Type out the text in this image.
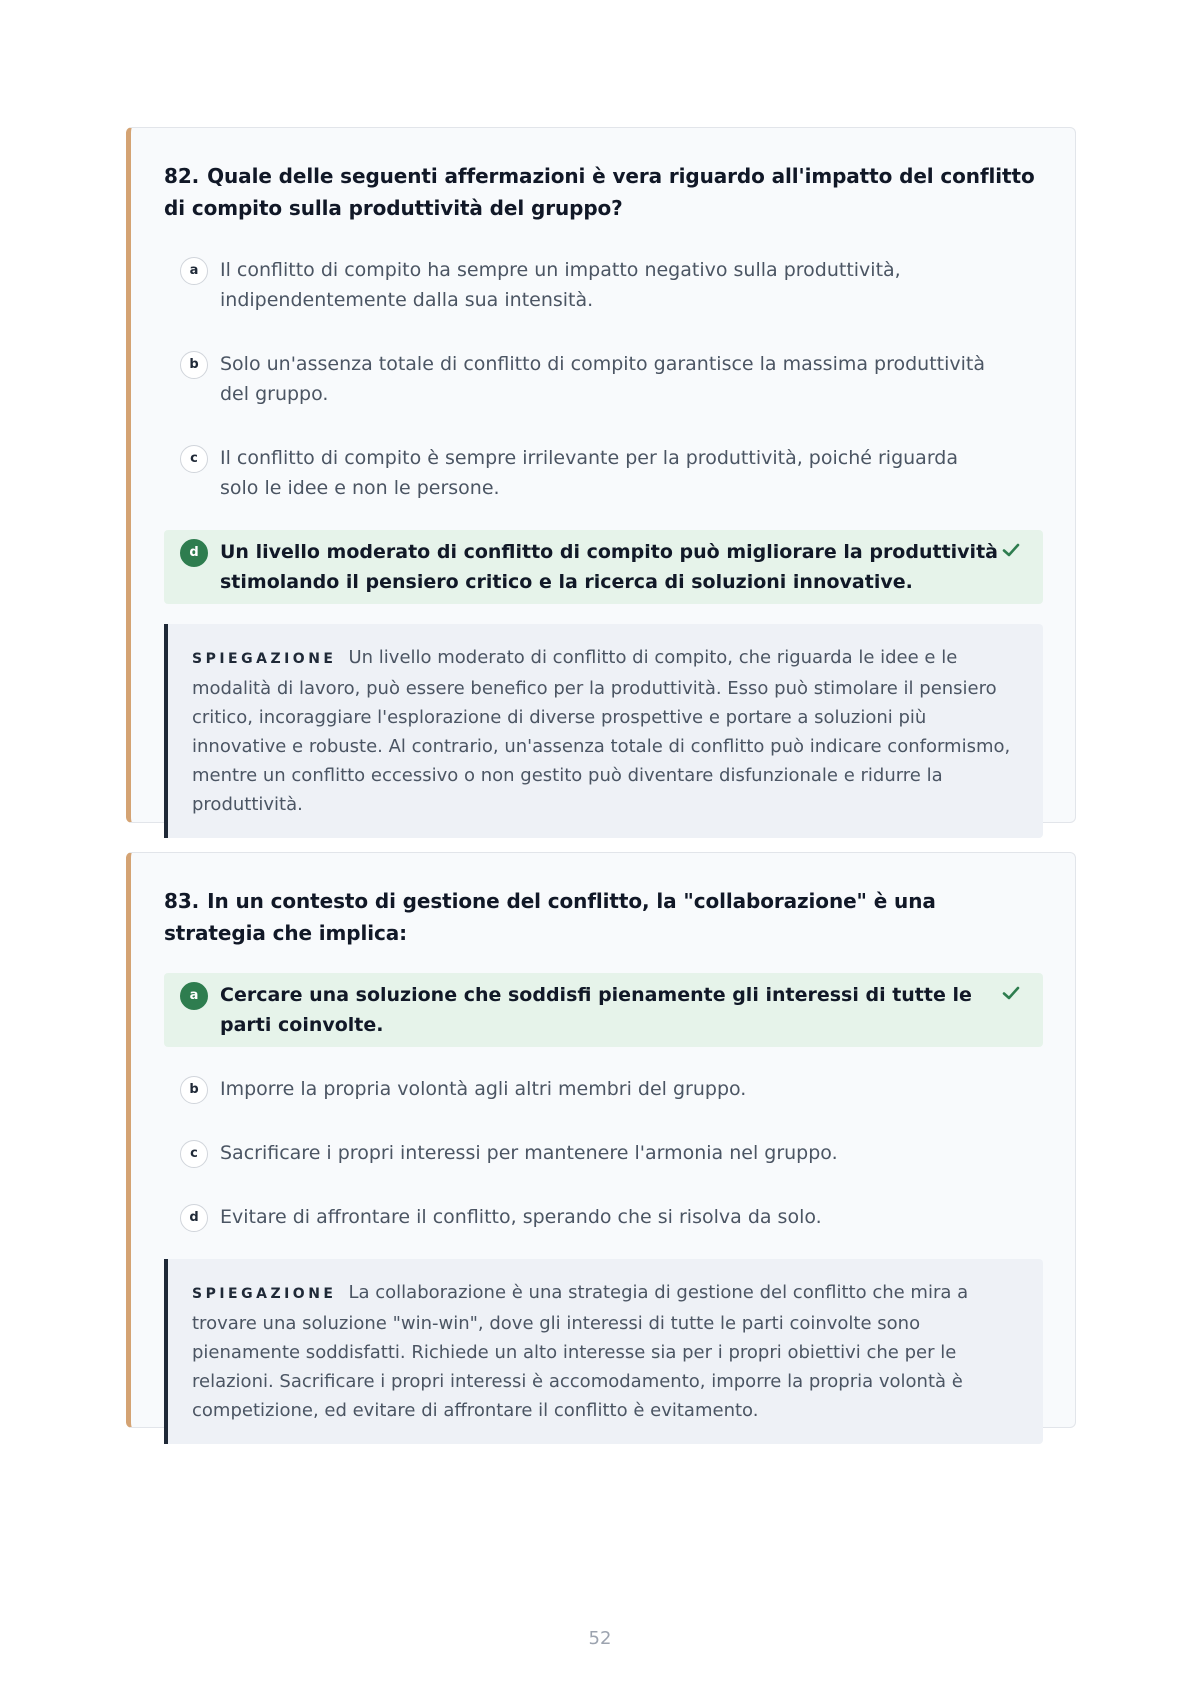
82. Quale delle seguenti affermazioni è vera riguardo all'impatto del conflitto di compito sulla produttività del gruppo?

a	Il conflitto di compito ha sempre un impatto negativo sulla produttività, indipendentemente dalla sua intensità.
b	Solo un'assenza totale di conflitto di compito garantisce la massima produttività del gruppo.
c	Il conflitto di compito è sempre irrilevante per la produttività, poiché riguarda solo le idee e non le persone.
d	Un livello moderato di conflitto di compito può migliorare la produttività stimolando il pensiero critico e la ricerca di soluzioni innovative.
SPIEGAZIONE Un livello moderato di conflitto di compito, che riguarda le idee e le modalità di lavoro, può essere benefico per la produttività. Esso può stimolare il pensiero critico, incoraggiare l'esplorazione di diverse prospettive e portare a soluzioni più innovative e robuste. Al contrario, un'assenza totale di conflitto può indicare conformismo, mentre un conflitto eccessivo o non gestito può diventare disfunzionale e ridurre la produttività.

83. In un contesto di gestione del conflitto, la "collaborazione" è una strategia che implica:

a	Cercare una soluzione che soddisfi pienamente gli interessi di tutte le parti coinvolte.
b	Imporre la propria volontà agli altri membri del gruppo.
c	Sacrificare i propri interessi per mantenere l'armonia nel gruppo.
d	Evitare di affrontare il conflitto, sperando che si risolva da solo.
SPIEGAZIONE La collaborazione è una strategia di gestione del conflitto che mira a trovare una soluzione "win-win", dove gli interessi di tutte le parti coinvolte sono pienamente soddisfatti. Richiede un alto interesse sia per i propri obiettivi che per le relazioni. Sacrificare i propri interessi è accomodamento, imporre la propria volontà è competizione, ed evitare di affrontare il conflitto è evitamento.
52
